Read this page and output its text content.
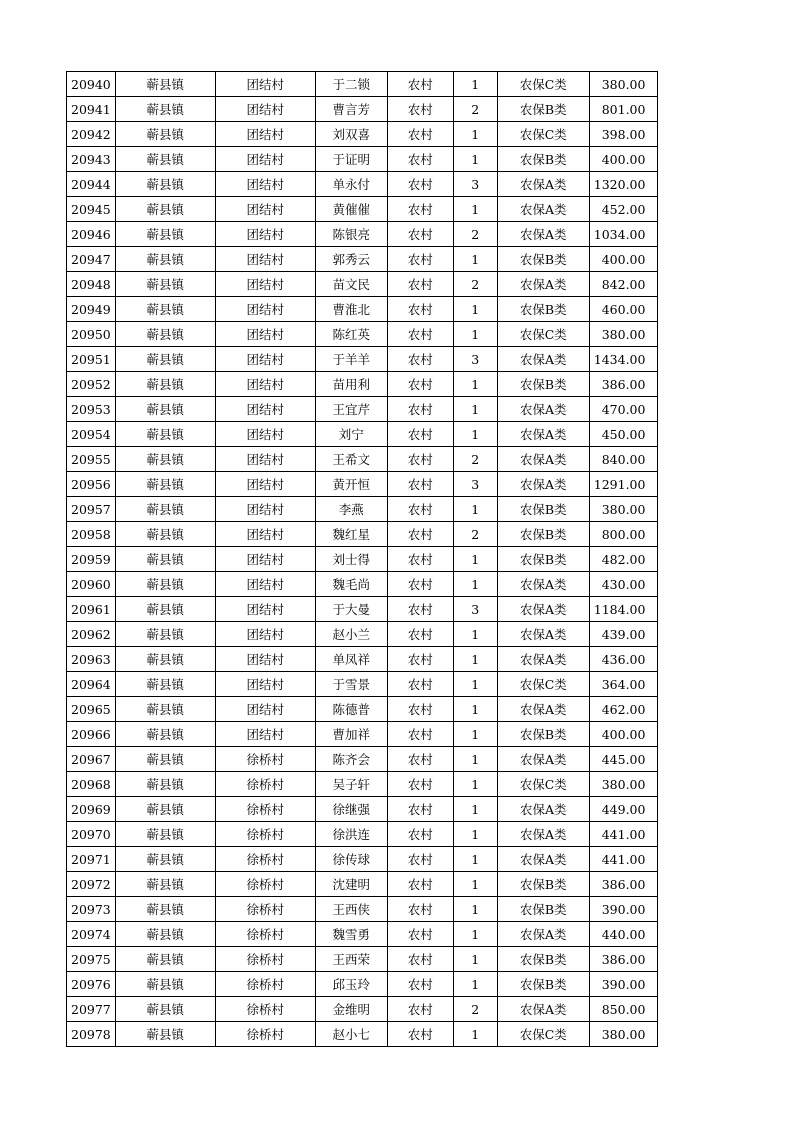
20940	蕲县镇	团结村	于二锁	农村	1	农保C类	380.00
20941	蕲县镇	团结村	曹言芳	农村	2	农保B类	801.00
20942	蕲县镇	团结村	刘双喜	农村	1	农保C类	398.00
20943	蕲县镇	团结村	于证明	农村	1	农保B类	400.00
20944	蕲县镇	团结村	单永付	农村	3	农保A类	1320.00
20945	蕲县镇	团结村	黄催催	农村	1	农保A类	452.00
20946	蕲县镇	团结村	陈银亮	农村	2	农保A类	1034.00
20947	蕲县镇	团结村	郭秀云	农村	1	农保B类	400.00
20948	蕲县镇	团结村	苗文民	农村	2	农保A类	842.00
20949	蕲县镇	团结村	曹淮北	农村	1	农保B类	460.00
20950	蕲县镇	团结村	陈红英	农村	1	农保C类	380.00
20951	蕲县镇	团结村	于羊羊	农村	3	农保A类	1434.00
20952	蕲县镇	团结村	苗用利	农村	1	农保B类	386.00
20953	蕲县镇	团结村	王宜芹	农村	1	农保A类	470.00
20954	蕲县镇	团结村	刘宁	农村	1	农保A类	450.00
20955	蕲县镇	团结村	王希文	农村	2	农保A类	840.00
20956	蕲县镇	团结村	黄开恒	农村	3	农保A类	1291.00
20957	蕲县镇	团结村	李燕	农村	1	农保B类	380.00
20958	蕲县镇	团结村	魏红星	农村	2	农保B类	800.00
20959	蕲县镇	团结村	刘士得	农村	1	农保B类	482.00
20960	蕲县镇	团结村	魏毛尚	农村	1	农保A类	430.00
20961	蕲县镇	团结村	于大曼	农村	3	农保A类	1184.00
20962	蕲县镇	团结村	赵小兰	农村	1	农保A类	439.00
20963	蕲县镇	团结村	单凤祥	农村	1	农保A类	436.00
20964	蕲县镇	团结村	于雪景	农村	1	农保C类	364.00
20965	蕲县镇	团结村	陈德普	农村	1	农保A类	462.00
20966	蕲县镇	团结村	曹加祥	农村	1	农保B类	400.00
20967	蕲县镇	徐桥村	陈齐会	农村	1	农保A类	445.00
20968	蕲县镇	徐桥村	吴子轩	农村	1	农保C类	380.00
20969	蕲县镇	徐桥村	徐继强	农村	1	农保A类	449.00
20970	蕲县镇	徐桥村	徐洪连	农村	1	农保A类	441.00
20971	蕲县镇	徐桥村	徐传球	农村	1	农保A类	441.00
20972	蕲县镇	徐桥村	沈建明	农村	1	农保B类	386.00
20973	蕲县镇	徐桥村	王西侠	农村	1	农保B类	390.00
20974	蕲县镇	徐桥村	魏雪勇	农村	1	农保A类	440.00
20975	蕲县镇	徐桥村	王西荣	农村	1	农保B类	386.00
20976	蕲县镇	徐桥村	邱玉玲	农村	1	农保B类	390.00
20977	蕲县镇	徐桥村	金维明	农村	2	农保A类	850.00
20978	蕲县镇	徐桥村	赵小七	农村	1	农保C类	380.00
